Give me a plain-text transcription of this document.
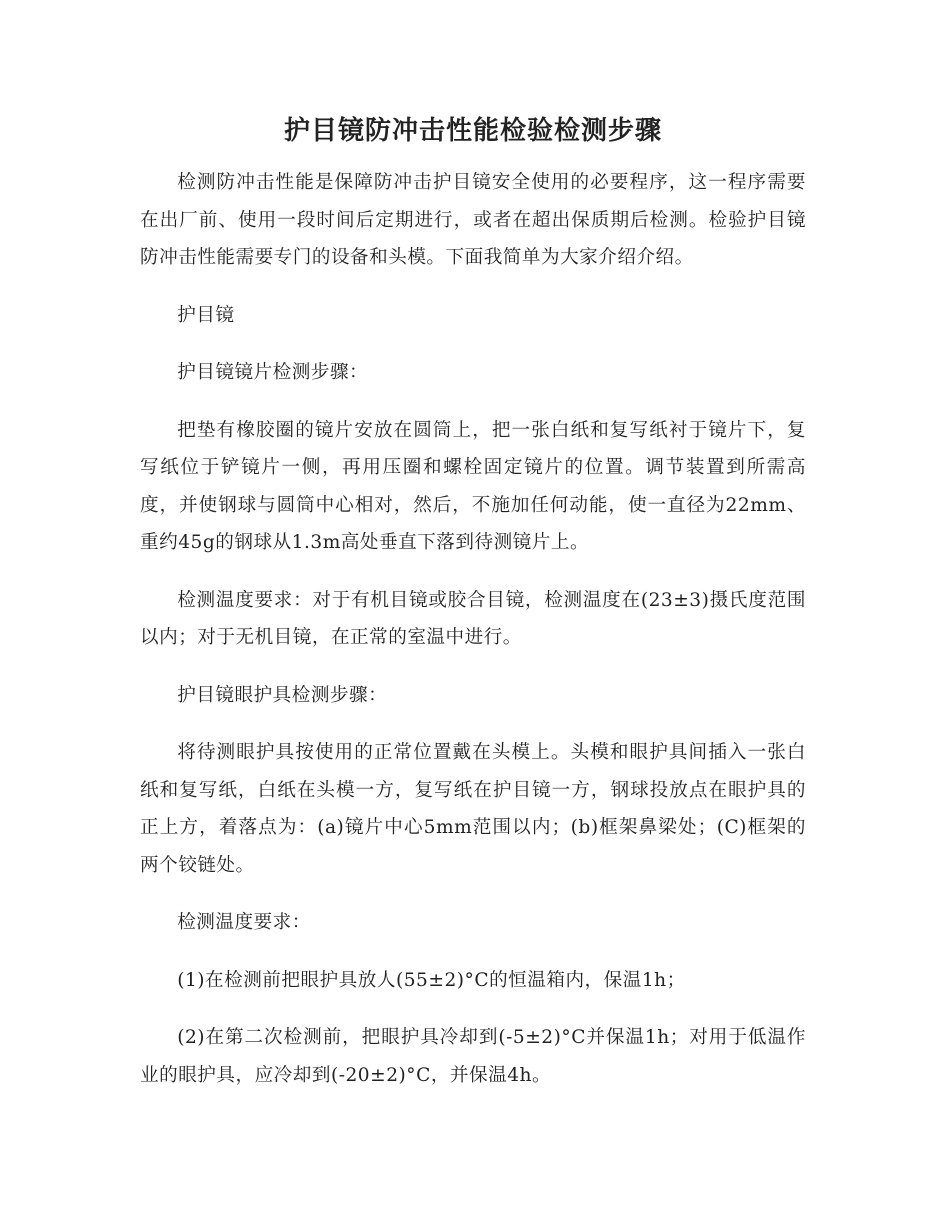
护目镜防冲击性能检验检测步骤

检测防冲击性能是保障防冲击护目镜安全使用的必要程序，这一程序需要在出厂前、使用一段时间后定期进行，或者在超出保质期后检测。检验护目镜防冲击性能需要专门的设备和头模。下面我简单为大家介绍介绍。

护目镜

护目镜镜片检测步骤：

把垫有橡胶圈的镜片安放在圆筒上，把一张白纸和复写纸衬于镜片下，复写纸位于铲镜片一侧，再用压圈和螺栓固定镜片的位置。调节装置到所需高度，并使钢球与圆筒中心相对，然后，不施加任何动能，使一直径为22mm、重约45g的钢球从1.3m高处垂直下落到待测镜片上。

检测温度要求：对于有机目镜或胶合目镜，检测温度在(23±3)摄氏度范围以内；对于无机目镜，在正常的室温中进行。

护目镜眼护具检测步骤：

将待测眼护具按使用的正常位置戴在头模上。头模和眼护具间插入一张白纸和复写纸，白纸在头模一方，复写纸在护目镜一方，钢球投放点在眼护具的正上方，着落点为：(a)镜片中心5mm范围以内；(b)框架鼻梁处；(C)框架的两个铰链处。

检测温度要求：

(1)在检测前把眼护具放人(55±2)°C的恒温箱内，保温1h；

(2)在第二次检测前，把眼护具冷却到(-5±2)°C并保温1h；对用于低温作业的眼护具，应冷却到(-20±2)°C，并保温4h。
